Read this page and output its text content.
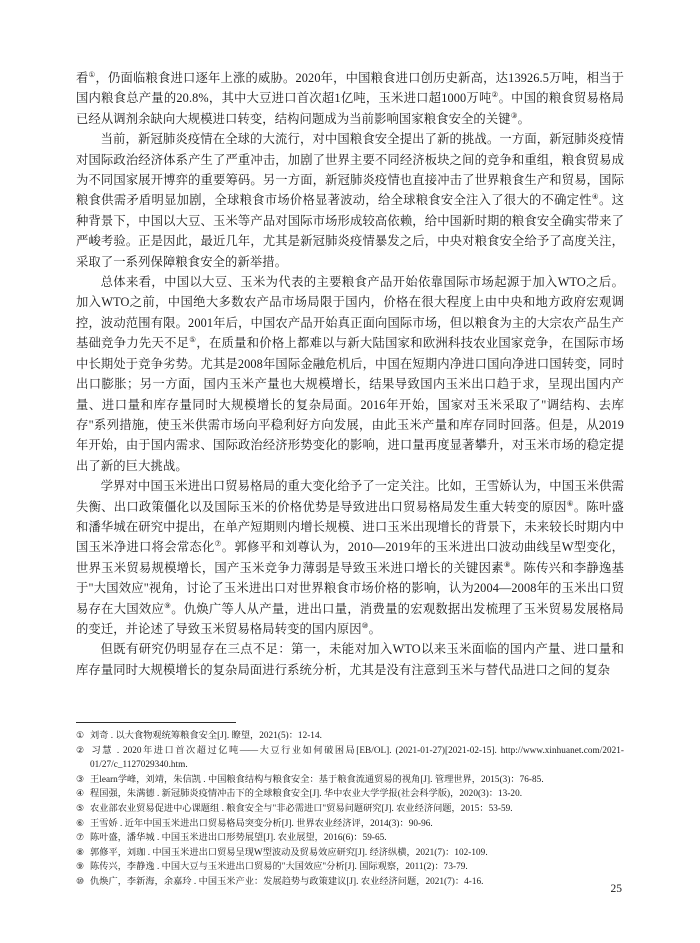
看①，仍面临粮食进口逐年上涨的威胁。2020年，中国粮食进口创历史新高，达13926.5万吨，相当于国内粮食总产量的20.8%，其中大豆进口首次超1亿吨，玉米进口超1000万吨②。中国的粮食贸易格局已经从调剂余缺向大规模进口转变，结构问题成为当前影响国家粮食安全的关键③。

当前，新冠肺炎疫情在全球的大流行，对中国粮食安全提出了新的挑战。一方面，新冠肺炎疫情对国际政治经济体系产生了严重冲击，加剧了世界主要不同经济板块之间的竞争和重组，粮食贸易成为不同国家展开博弈的重要筹码。另一方面，新冠肺炎疫情也直接冲击了世界粮食生产和贸易，国际粮食供需矛盾明显加剧，全球粮食市场价格显著波动，给全球粮食安全注入了很大的不确定性④。这种背景下，中国以大豆、玉米等产品对国际市场形成较高依赖，给中国新时期的粮食安全确实带来了严峻考验。正是因此，最近几年，尤其是新冠肺炎疫情暴发之后，中央对粮食安全给予了高度关注，采取了一系列保障粮食安全的新举措。

总体来看，中国以大豆、玉米为代表的主要粮食产品开始依靠国际市场起源于加入WTO之后。加入WTO之前，中国绝大多数农产品市场局限于国内，价格在很大程度上由中央和地方政府宏观调控，波动范围有限。2001年后，中国农产品开始真正面向国际市场，但以粮食为主的大宗农产品生产基础竞争力先天不足⑤，在质量和价格上都难以与新大陆国家和欧洲科技农业国家竞争，在国际市场中长期处于竞争劣势。尤其是2008年国际金融危机后，中国在短期内净进口国向净进口国转变，同时出口膨胀；另一方面，国内玉米产量也大规模增长，结果导致国内玉米出口趋于求，呈现出国内产量、进口量和库存量同时大规模增长的复杂局面。2016年开始，国家对玉米采取了"调结构、去库存"系列措施，使玉米供需市场向平稳利好方向发展，由此玉米产量和库存同时回落。但是，从2019年开始，由于国内需求、国际政治经济形势变化的影响，进口量再度显著攀升，对玉米市场的稳定提出了新的巨大挑战。

学界对中国玉米进出口贸易格局的重大变化给予了一定关注。比如，王雪娇认为，中国玉米供需失衡、出口政策僵化以及国际玉米的价格优势是导致进出口贸易格局发生重大转变的原因⑥。陈叶盛和潘华城在研究中提出，在单产短期则内增长规模、进口玉米出现增长的背景下，未来较长时期内中国玉米净进口将会常态化⑦。郭修平和刘尊认为，2010—2019年的玉米进出口波动曲线呈W型变化，世界玉米贸易规模增长，国产玉米竞争力薄弱是导致玉米进口增长的关键因素⑧。陈传兴和李静逸基于"大国效应"视角，讨论了玉米进出口对世界粮食市场价格的影响，认为2004—2008年的玉米出口贸易存在大国效应⑨。仇焕广等人从产量，进出口量，消费量的宏观数据出发梳理了玉米贸易发展格局的变迁，并论述了导致玉米贸易格局转变的国内原因⑩。

但既有研究仍明显存在三点不足：第一，未能对加入WTO以来玉米面临的国内产量、进口量和库存量同时大规模增长的复杂局面进行系统分析，尤其是没有注意到玉米与替代品进口之间的复杂

① 刘奇 . 以大食物观统筹粮食安全[J]. 瞭望，2021(5)：12-14.
② 习慧 . 2020年进口首次超过亿吨——大豆行业如何破困局[EB/OL]. (2021-01-27)[2021-02-15]. http://www.xinhuanet.com/2021-01/27/c_1127029340.htm.
③ 王learn学峰，刘靖，朱信凯 . 中国粮食结构与粮食安全：基于粮食流通贸易的视角[J]. 管理世界，2015(3)：76-85.
④ 程国强，朱满德 . 新冠肺炎疫情冲击下的全球粮食安全[J]. 华中农业大学学报(社会科学版)，2020(3)：13-20.
⑤ 农业部农业贸易促进中心课题组 . 粮食安全与"非必需进口"贸易问题研究[J]. 农业经济问题，2015：53-59.
⑥ 王雪娇 . 近年中国玉米进出口贸易格局突变分析[J]. 世界农业经济评，2014(3)：90-96.
⑦ 陈叶盛，潘华城 . 中国玉米进出口形势展望[J]. 农业展望，2016(6)：59-65.
⑧ 郭修平，刘珈 . 中国玉米进出口贸易呈现W型波动及贸易效应研究[J]. 经济纵横，2021(7)：102-109.
⑨ 陈传兴，李静逸 . 中国大豆与玉米进出口贸易的"大国效应"分析[J]. 国际观察，2011(2)：73-79.
⑩ 仇焕广，李新海，余嘉玲 . 中国玉米产业：发展趋势与政策建议[J]. 农业经济问题，2021(7)：4-16.
25
